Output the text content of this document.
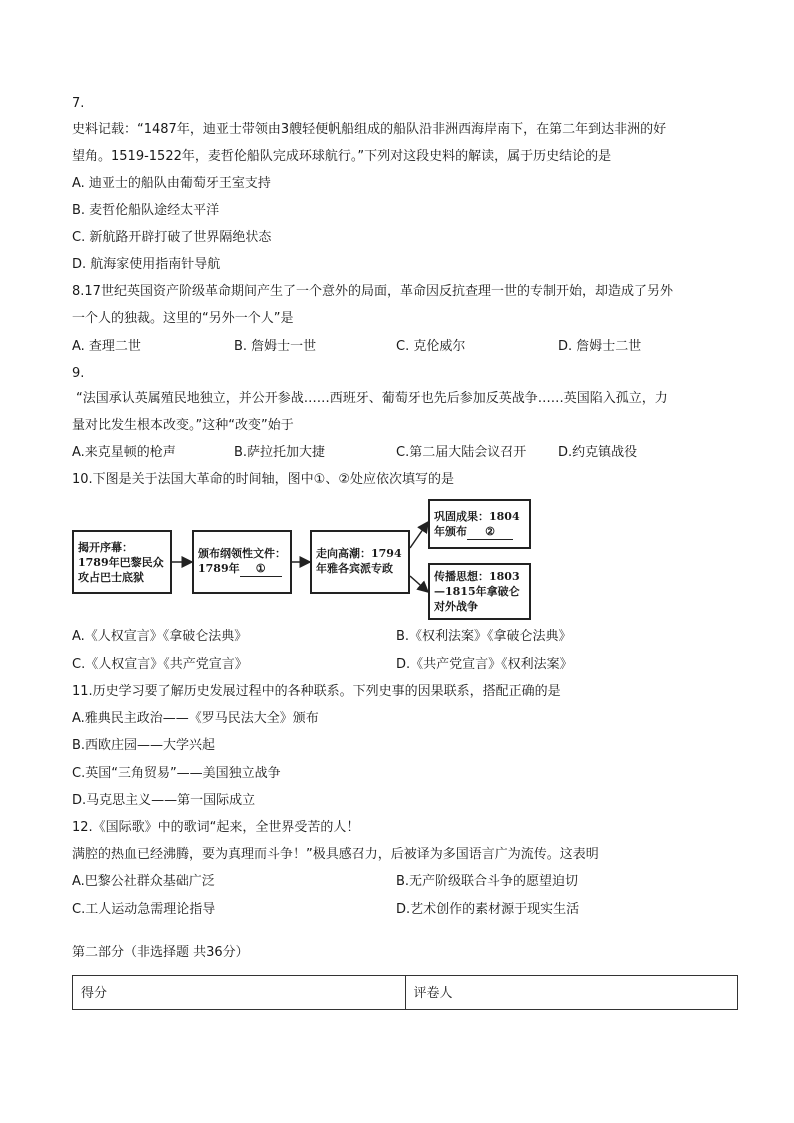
7.
史料记载：“1487年，迪亚士带领由3艘轻便帆船组成的船队沿非洲西海岸南下，在第二年到达非洲的好
望角。1519-1522年，麦哲伦船队完成环球航行。”下列对这段史料的解读，属于历史结论的是
A. 迪亚士的船队由葡萄牙王室支持
B. 麦哲伦船队途经太平洋
C. 新航路开辟打破了世界隔绝状态
D. 航海家使用指南针导航
8.17世纪英国资产阶级革命期间产生了一个意外的局面，革命因反抗查理一世的专制开始，却造成了另外
一个人的独裁。这里的“另外一个人”是
A. 查理二世	B. 詹姆士一世	C. 克伦威尔	D. 詹姆士二世
9.
“法国承认英属殖民地独立，并公开参战……西班牙、葡萄牙也先后参加反英战争……英国陷入孤立，力
量对比发生根本改变。”这种“改变”始于
A.来克星顿的枪声	B.萨拉托加大捷	C.第二届大陆会议召开 D.约克镇战役
10.下图是关于法国大革命的时间轴，图中①、②处应依次填写的是
揭开序幕：
1789年巴黎民众
攻占巴士底狱
颁布纲领性文件：
1789年 ①
走向高潮：1794
年雅各宾派专政
巩固成果：1804
年颁布 ②
传播思想：1803
—1815年拿破仑
对外战争
A.《人权宣言》《拿破仑法典》	B.《权利法案》《拿破仑法典》
C.《人权宣言》《共产党宣言》	D.《共产党宣言》《权利法案》
11.历史学习要了解历史发展过程中的各种联系。下列史事的因果联系，搭配正确的是
A.雅典民主政治——《罗马民法大全》颁布
B.西欧庄园——大学兴起
C.英国“三角贸易”——美国独立战争
D.马克思主义——第一国际成立
12.《国际歌》中的歌词“起来，全世界受苦的人！
满腔的热血已经沸腾，要为真理而斗争！”极具感召力，后被译为多国语言广为流传。这表明
A.巴黎公社群众基础广泛	B.无产阶级联合斗争的愿望迫切
C.工人运动急需理论指导	D.艺术创作的素材源于现实生活
第二部分（非选择题 共36分）
得分	评卷人
